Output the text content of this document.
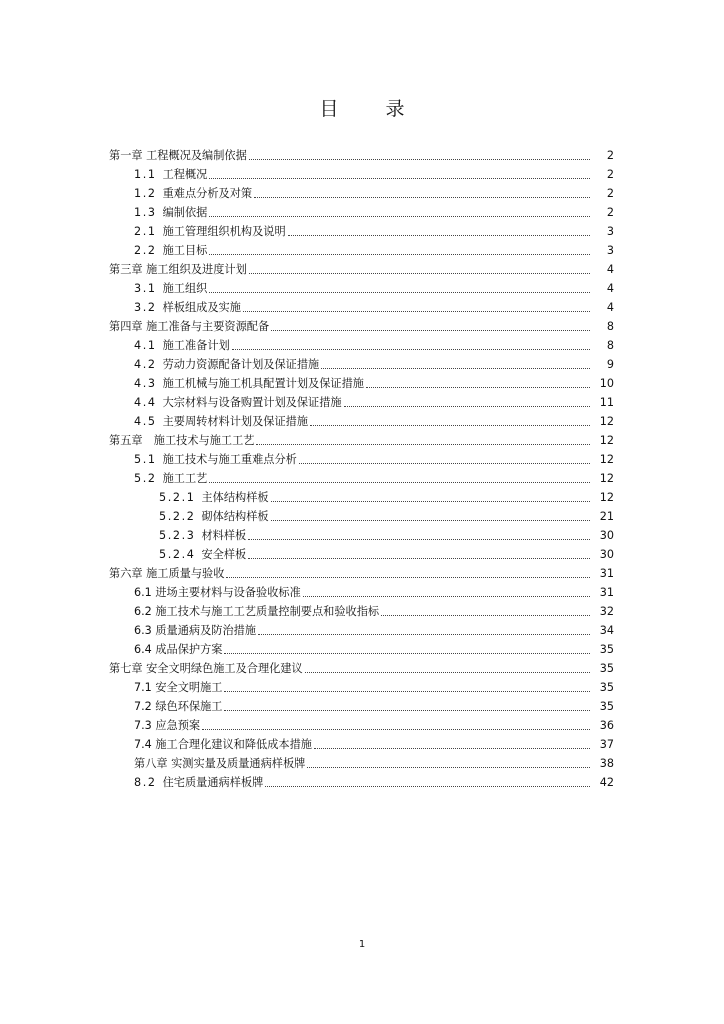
目　录
第一章 工程概况及编制依据	2
1.1 工程概况	2
1.2 重难点分析及对策	2
1.3 编制依据	2
2.1 施工管理组织机构及说明	3
2.2 施工目标	3
第三章 施工组织及进度计划	4
3.1 施工组织	4
3.2 样板组成及实施	4
第四章 施工准备与主要资源配备	8
4.1 施工准备计划	8
4.2 劳动力资源配备计划及保证措施	9
4.3 施工机械与施工机具配置计划及保证措施	10
4.4 大宗材料与设备购置计划及保证措施	11
4.5 主要周转材料计划及保证措施	12
第五章　施工技术与施工工艺	12
5.1 施工技术与施工重难点分析	12
5.2 施工工艺	12
5.2.1 主体结构样板	12
5.2.2 砌体结构样板	21
5.2.3 材料样板	30
5.2.4 安全样板	30
第六章 施工质量与验收	31
6.1 进场主要材料与设备验收标准	31
6.2 施工技术与施工工艺质量控制要点和验收指标	32
6.3 质量通病及防治措施	34
6.4 成品保护方案	35
第七章 安全文明绿色施工及合理化建议	35
7.1 安全文明施工	35
7.2 绿色环保施工	35
7.3 应急预案	36
7.4 施工合理化建议和降低成本措施	37
第八章 实测实量及质量通病样板牌	38
8.2 住宅质量通病样板牌	42
1
